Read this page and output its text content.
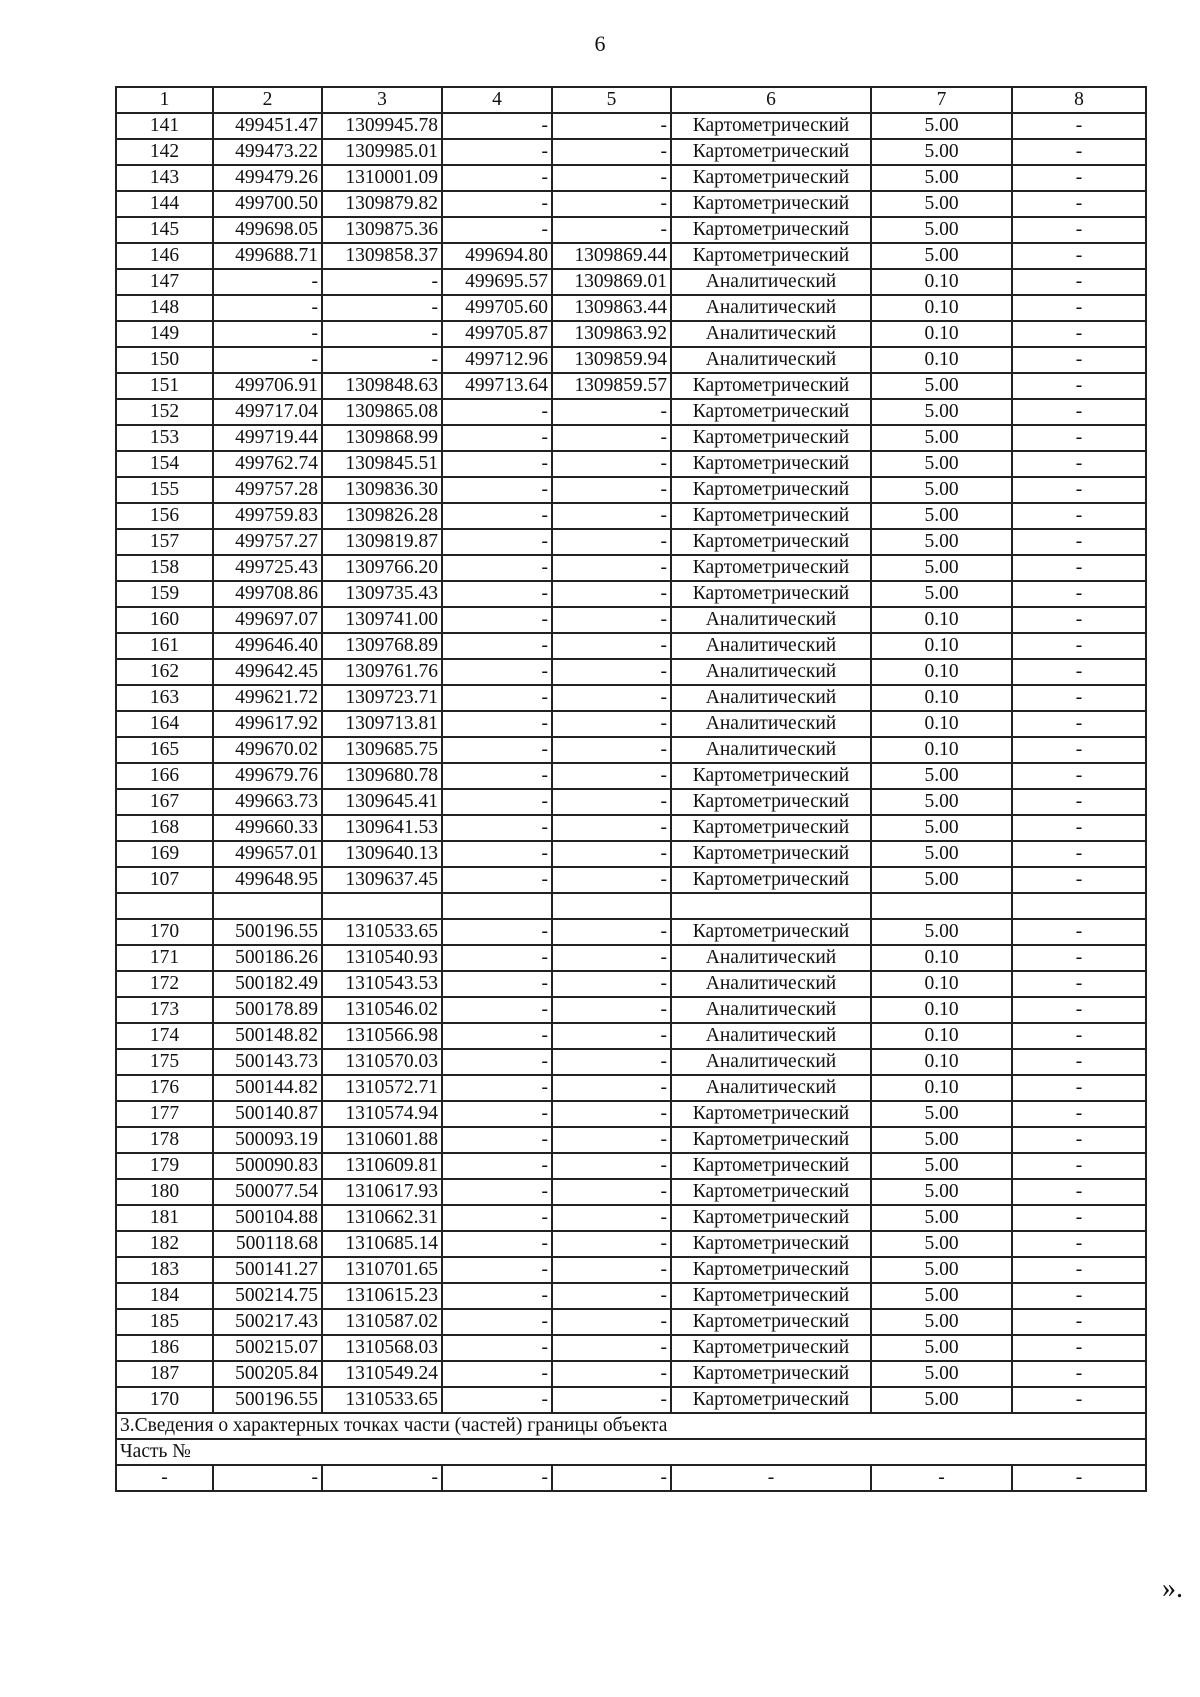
6
1	2	3	4	5	6	7	8
141	499451.47	1309945.78	-	-	Картометрический	5.00	-
142	499473.22	1309985.01	-	-	Картометрический	5.00	-
143	499479.26	1310001.09	-	-	Картометрический	5.00	-
144	499700.50	1309879.82	-	-	Картометрический	5.00	-
145	499698.05	1309875.36	-	-	Картометрический	5.00	-
146	499688.71	1309858.37	499694.80	1309869.44	Картометрический	5.00	-
147	-	-	499695.57	1309869.01	Аналитический	0.10	-
148	-	-	499705.60	1309863.44	Аналитический	0.10	-
149	-	-	499705.87	1309863.92	Аналитический	0.10	-
150	-	-	499712.96	1309859.94	Аналитический	0.10	-
151	499706.91	1309848.63	499713.64	1309859.57	Картометрический	5.00	-
152	499717.04	1309865.08	-	-	Картометрический	5.00	-
153	499719.44	1309868.99	-	-	Картометрический	5.00	-
154	499762.74	1309845.51	-	-	Картометрический	5.00	-
155	499757.28	1309836.30	-	-	Картометрический	5.00	-
156	499759.83	1309826.28	-	-	Картометрический	5.00	-
157	499757.27	1309819.87	-	-	Картометрический	5.00	-
158	499725.43	1309766.20	-	-	Картометрический	5.00	-
159	499708.86	1309735.43	-	-	Картометрический	5.00	-
160	499697.07	1309741.00	-	-	Аналитический	0.10	-
161	499646.40	1309768.89	-	-	Аналитический	0.10	-
162	499642.45	1309761.76	-	-	Аналитический	0.10	-
163	499621.72	1309723.71	-	-	Аналитический	0.10	-
164	499617.92	1309713.81	-	-	Аналитический	0.10	-
165	499670.02	1309685.75	-	-	Аналитический	0.10	-
166	499679.76	1309680.78	-	-	Картометрический	5.00	-
167	499663.73	1309645.41	-	-	Картометрический	5.00	-
168	499660.33	1309641.53	-	-	Картометрический	5.00	-
169	499657.01	1309640.13	-	-	Картометрический	5.00	-
107	499648.95	1309637.45	-	-	Картометрический	5.00	-

170	500196.55	1310533.65	-	-	Картометрический	5.00	-
171	500186.26	1310540.93	-	-	Аналитический	0.10	-
172	500182.49	1310543.53	-	-	Аналитический	0.10	-
173	500178.89	1310546.02	-	-	Аналитический	0.10	-
174	500148.82	1310566.98	-	-	Аналитический	0.10	-
175	500143.73	1310570.03	-	-	Аналитический	0.10	-
176	500144.82	1310572.71	-	-	Аналитический	0.10	-
177	500140.87	1310574.94	-	-	Картометрический	5.00	-
178	500093.19	1310601.88	-	-	Картометрический	5.00	-
179	500090.83	1310609.81	-	-	Картометрический	5.00	-
180	500077.54	1310617.93	-	-	Картометрический	5.00	-
181	500104.88	1310662.31	-	-	Картометрический	5.00	-
182	500118.68	1310685.14	-	-	Картометрический	5.00	-
183	500141.27	1310701.65	-	-	Картометрический	5.00	-
184	500214.75	1310615.23	-	-	Картометрический	5.00	-
185	500217.43	1310587.02	-	-	Картометрический	5.00	-
186	500215.07	1310568.03	-	-	Картометрический	5.00	-
187	500205.84	1310549.24	-	-	Картометрический	5.00	-
170	500196.55	1310533.65	-	-	Картометрический	5.00	-
3.Сведения о характерных точках части (частей) границы объекта							
Часть №							
-	-	-	-	-	-	-	-
».
